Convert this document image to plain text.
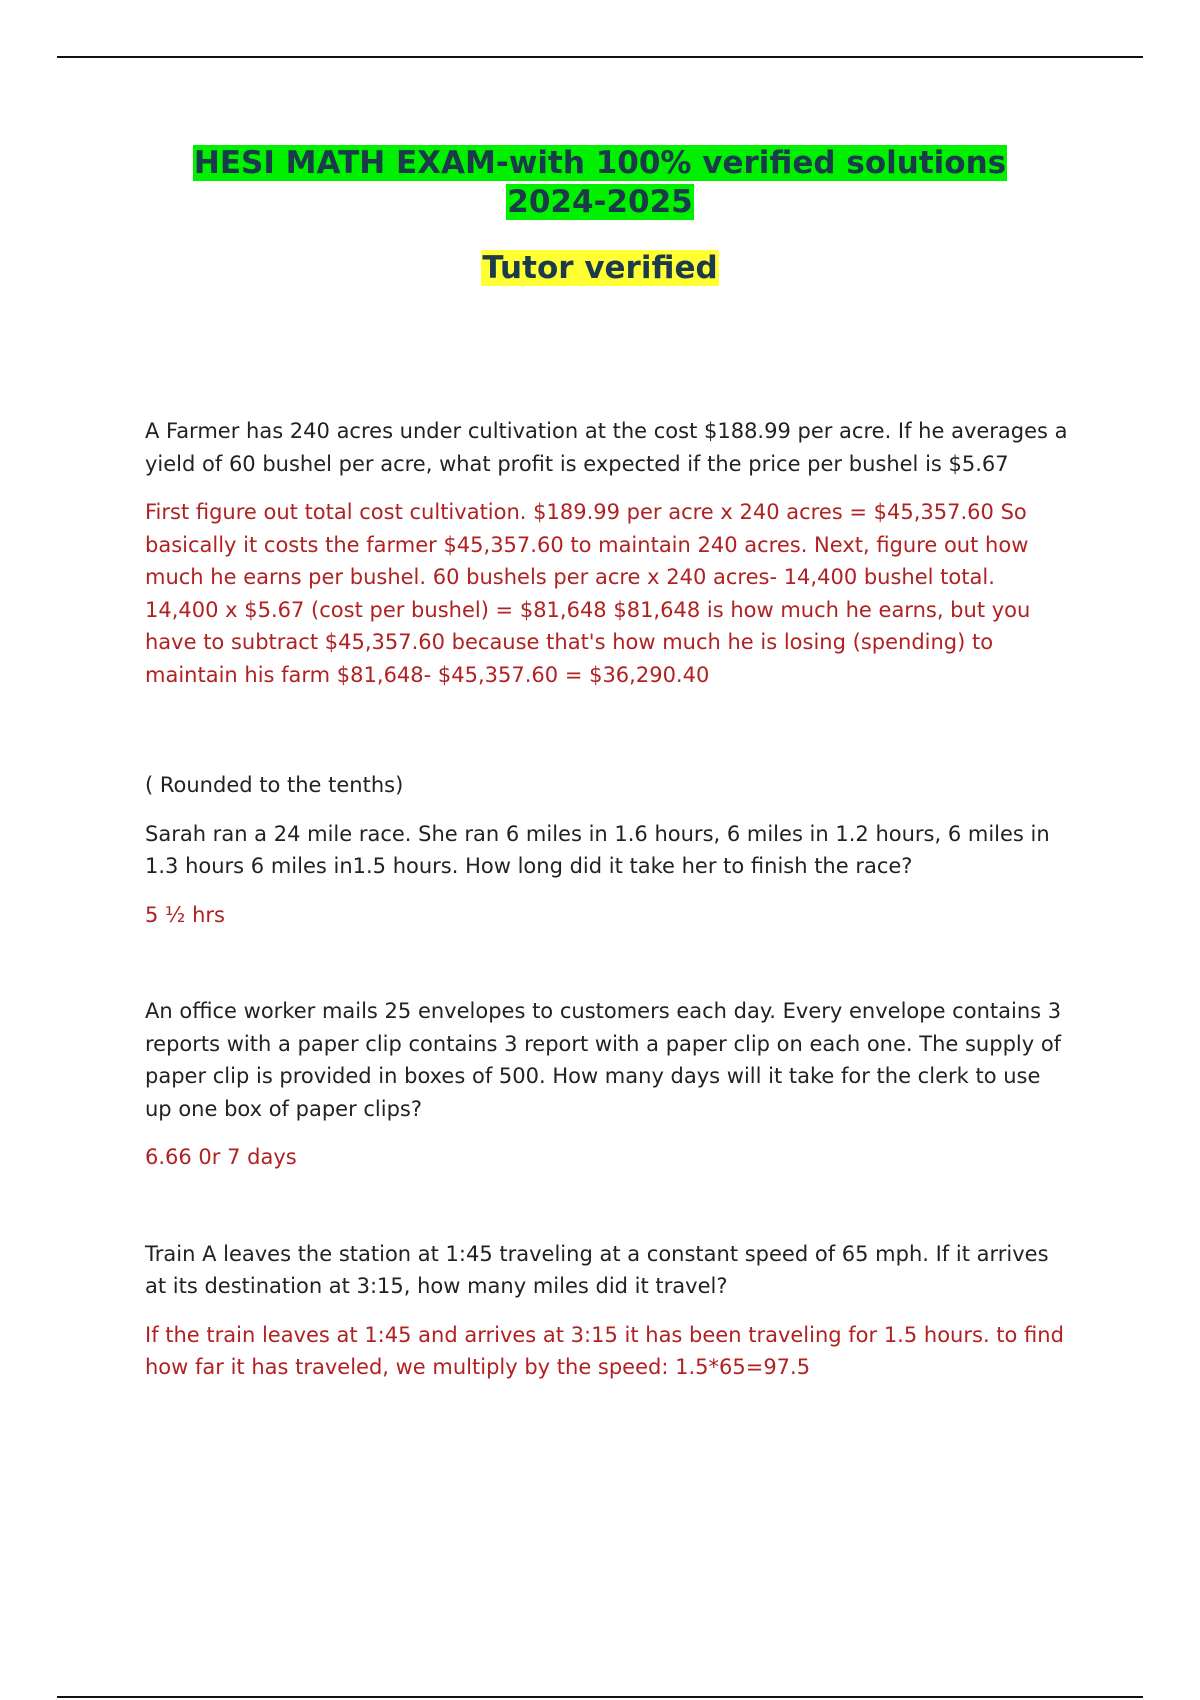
HESI MATH EXAM-with 100% verified solutions
2024-2025

Tutor verified

A Farmer has 240 acres under cultivation at the cost $188.99 per acre. If he averages a yield of 60 bushel per acre, what profit is expected if the price per bushel is $5.67

First figure out total cost cultivation. $189.99 per acre x 240 acres = $45,357.60 So basically it costs the farmer $45,357.60 to maintain 240 acres. Next, figure out how much he earns per bushel. 60 bushels per acre x 240 acres- 14,400 bushel total. 14,400 x $5.67 (cost per bushel) = $81,648 $81,648 is how much he earns, but you have to subtract $45,357.60 because that's how much he is losing (spending) to maintain his farm $81,648- $45,357.60 = $36,290.40

( Rounded to the tenths)

Sarah ran a 24 mile race. She ran 6 miles in 1.6 hours, 6 miles in 1.2 hours, 6 miles in 1.3 hours 6 miles in1.5 hours. How long did it take her to finish the race?

5 ½ hrs

An office worker mails 25 envelopes to customers each day. Every envelope contains 3 reports with a paper clip contains 3 report with a paper clip on each one. The supply of paper clip is provided in boxes of 500. How many days will it take for the clerk to use up one box of paper clips?

6.66 0r 7 days

Train A leaves the station at 1:45 traveling at a constant speed of 65 mph. If it arrives at its destination at 3:15, how many miles did it travel?

If the train leaves at 1:45 and arrives at 3:15 it has been traveling for 1.5 hours. to find how far it has traveled, we multiply by the speed: 1.5*65=97.5
